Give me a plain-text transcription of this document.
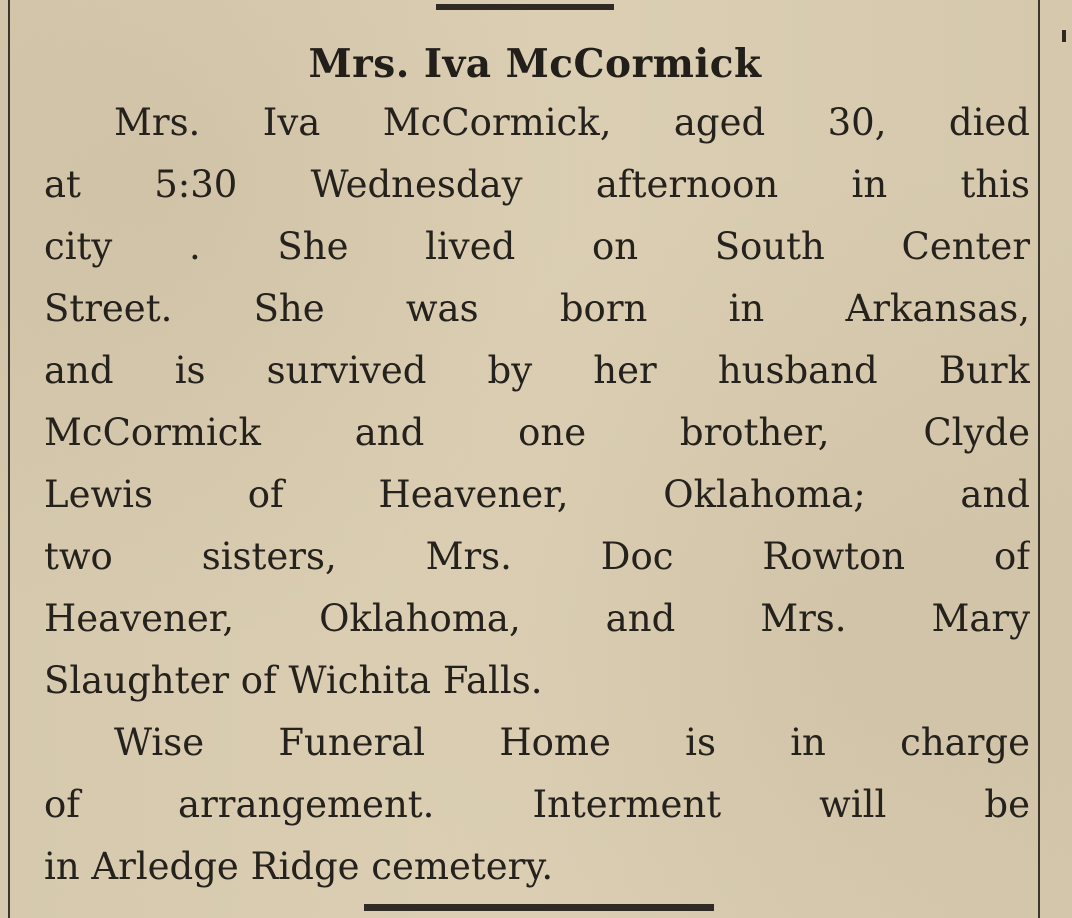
Mrs. Iva McCormick
Mrs. Iva McCormick, aged 30, died
at 5:30 Wednesday afternoon in this
city . She lived on South Center
Street. She was born in Arkansas,
and is survived by her husband Burk
McCormick and one brother, Clyde
Lewis of Heavener, Oklahoma; and
two sisters, Mrs. Doc Rowton of
Heavener, Oklahoma, and Mrs. Mary
Slaughter of Wichita Falls.
Wise Funeral Home is in charge
of arrangement. Interment will be
in Arledge Ridge cemetery.
